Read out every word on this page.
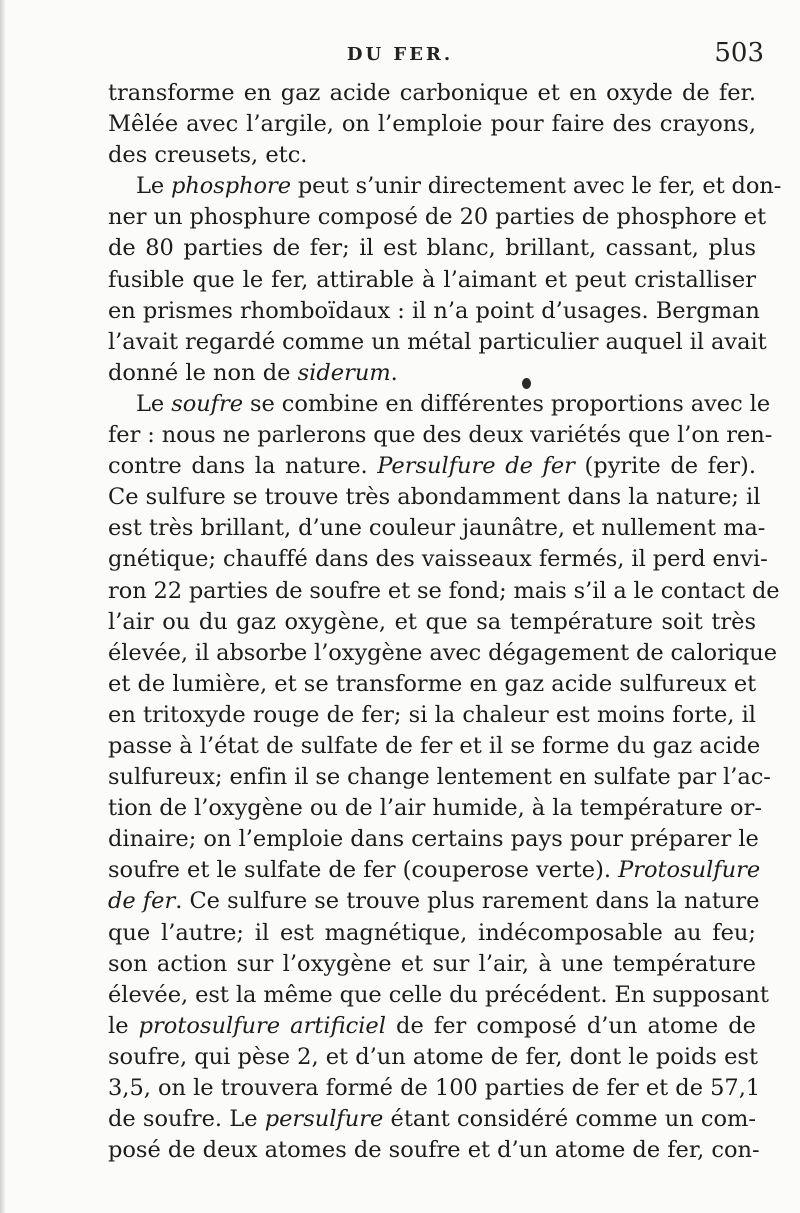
DU FER.	503
transforme en gaz acide carbonique et en oxyde de fer.
Mêlée avec l’argile, on l’emploie pour faire des crayons,
des creusets, etc.
Le phosphore peut s’unir directement avec le fer, et don-
ner un phosphure composé de 20 parties de phosphore et
de 80 parties de fer; il est blanc, brillant, cassant, plus
fusible que le fer, attirable à l’aimant et peut cristalliser
en prismes rhomboïdaux : il n’a point d’usages. Bergman
l’avait regardé comme un métal particulier auquel il avait
donné le non de siderum.
Le soufre se combine en différentes proportions avec le
fer : nous ne parlerons que des deux variétés que l’on ren-
contre dans la nature. Persulfure de fer (pyrite de fer).
Ce sulfure se trouve très abondamment dans la nature; il
est très brillant, d’une couleur jaunâtre, et nullement ma-
gnétique; chauffé dans des vaisseaux fermés, il perd envi-
ron 22 parties de soufre et se fond; mais s’il a le contact de
l’air ou du gaz oxygène, et que sa température soit très
élevée, il absorbe l’oxygène avec dégagement de calorique
et de lumière, et se transforme en gaz acide sulfureux et
en tritoxyde rouge de fer; si la chaleur est moins forte, il
passe à l’état de sulfate de fer et il se forme du gaz acide
sulfureux; enfin il se change lentement en sulfate par l’ac-
tion de l’oxygène ou de l’air humide, à la température or-
dinaire; on l’emploie dans certains pays pour préparer le
soufre et le sulfate de fer (couperose verte). Protosulfure
de fer. Ce sulfure se trouve plus rarement dans la nature
que l’autre; il est magnétique, indécomposable au feu;
son action sur l’oxygène et sur l’air, à une température
élevée, est la même que celle du précédent. En supposant
le protosulfure artificiel de fer composé d’un atome de
soufre, qui pèse 2, et d’un atome de fer, dont le poids est
3,5, on le trouvera formé de 100 parties de fer et de 57,1
de soufre. Le persulfure étant considéré comme un com-
posé de deux atomes de soufre et d’un atome de fer, con-
